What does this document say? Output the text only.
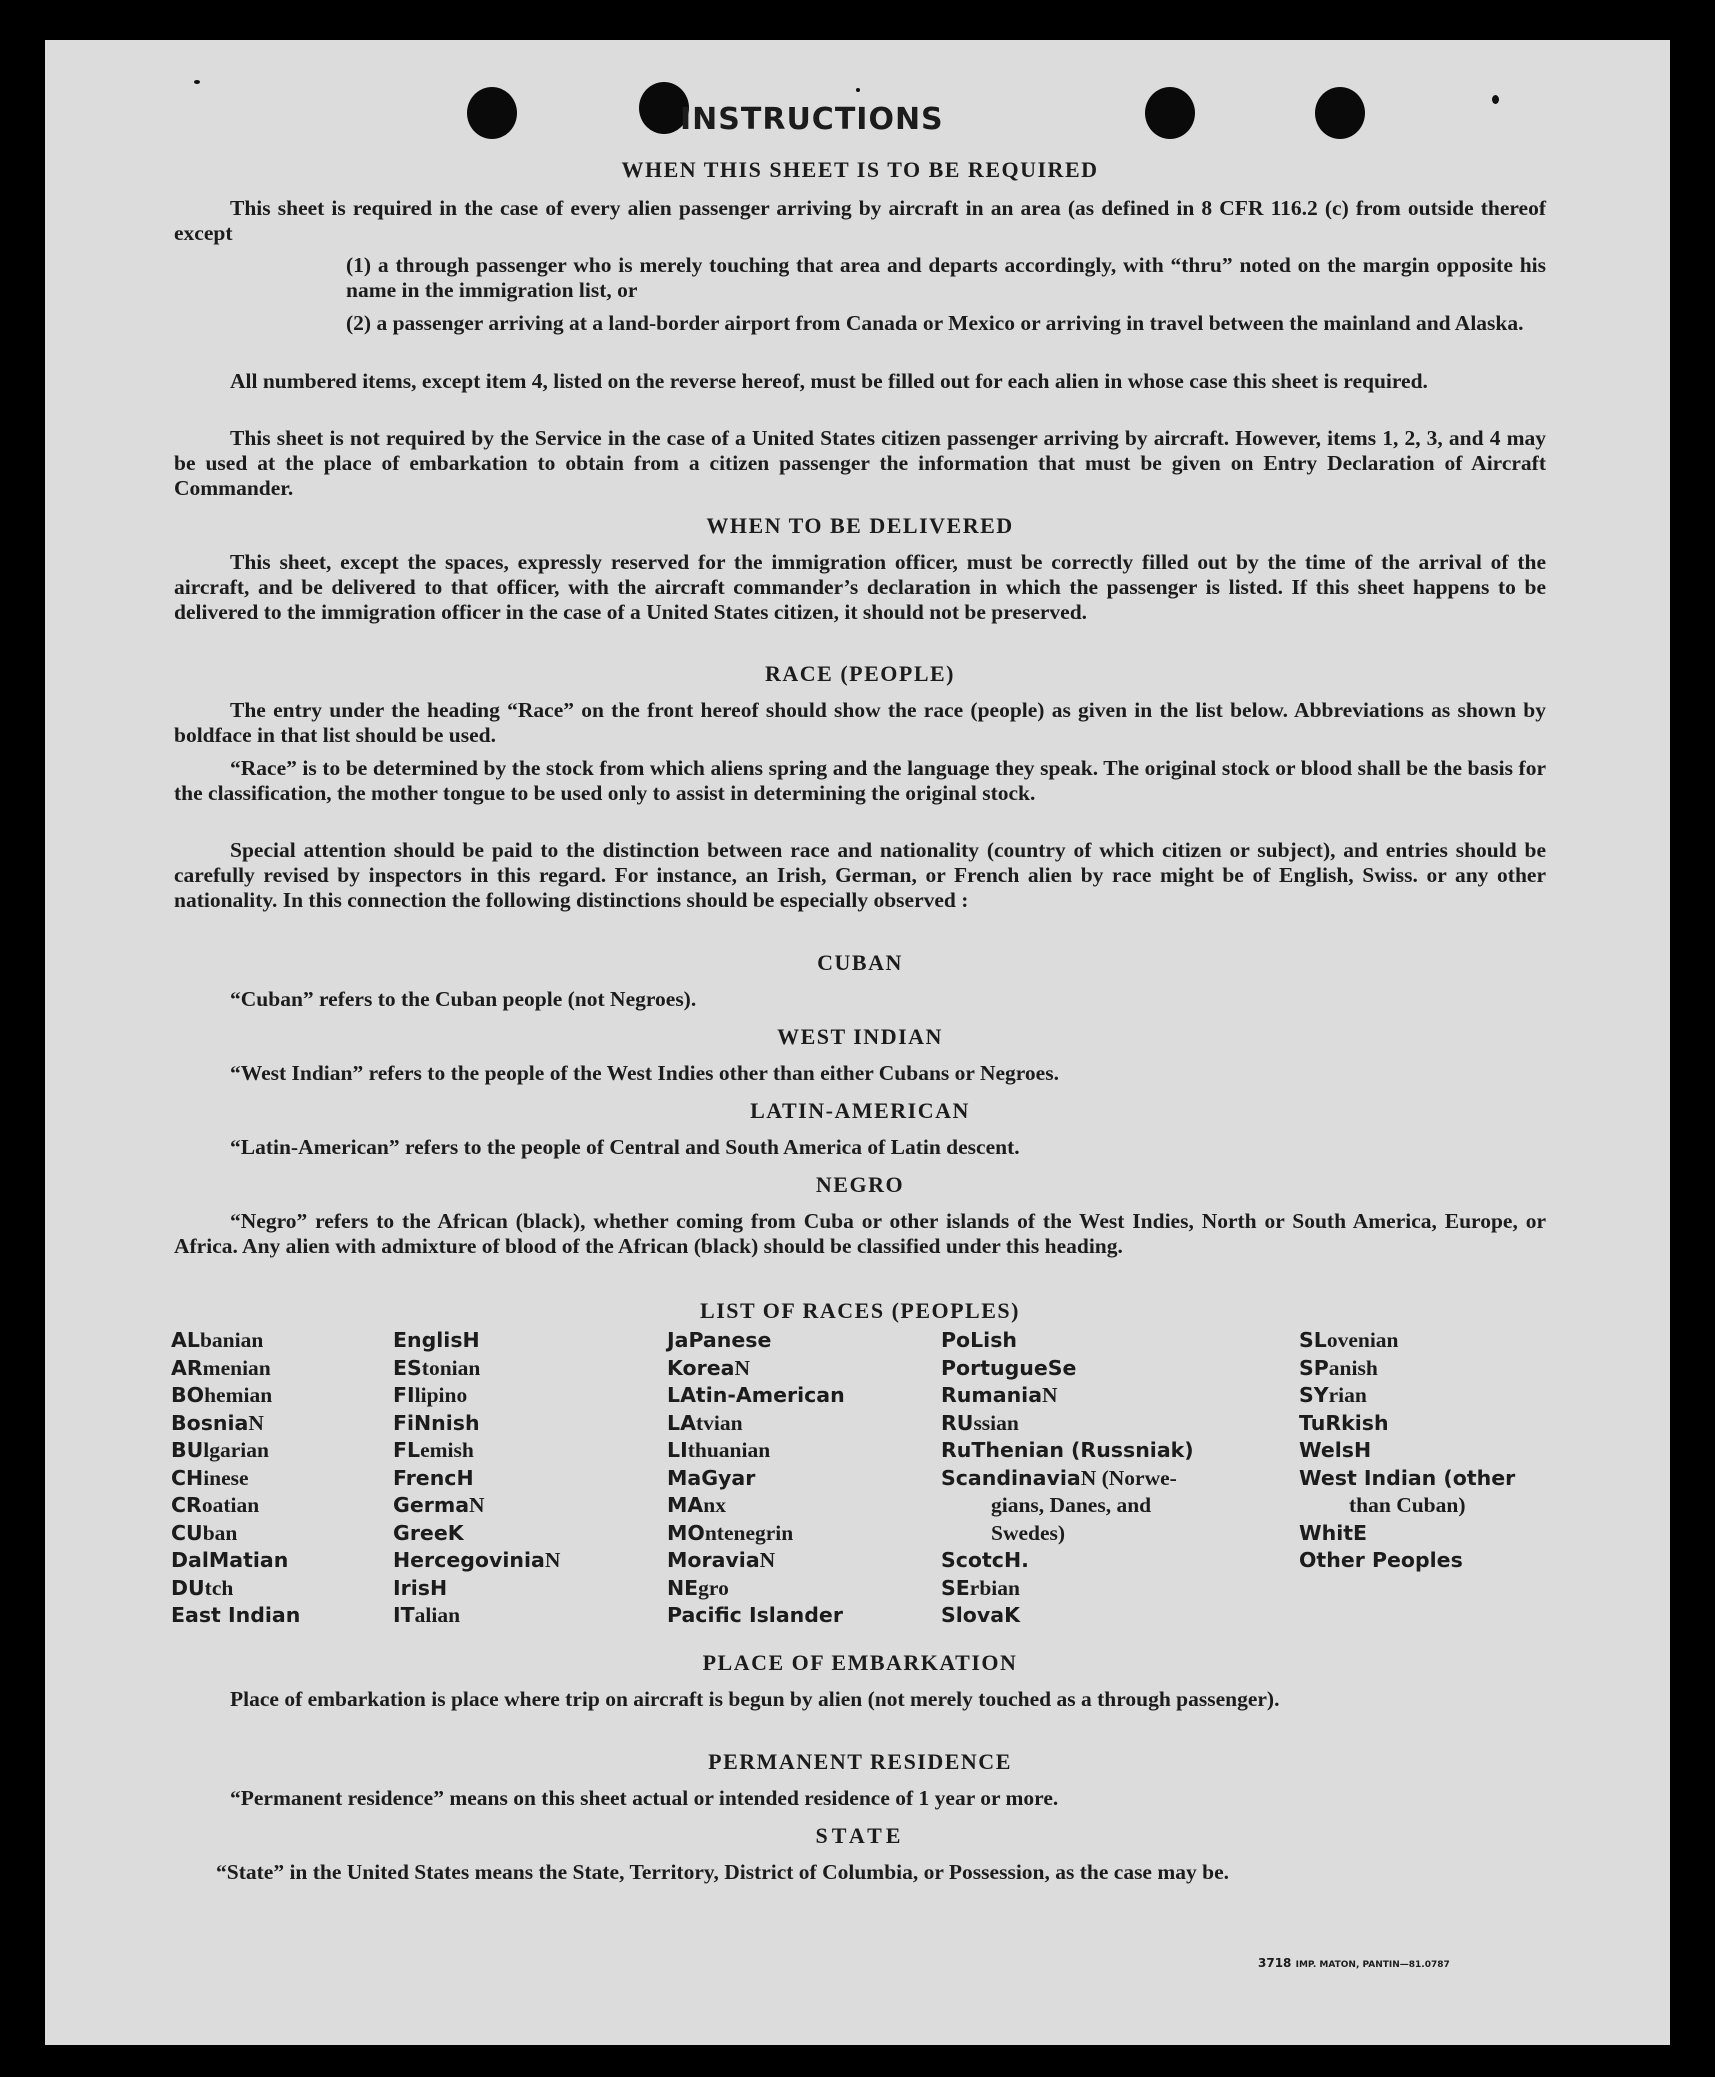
INSTRUCTIONS
WHEN THIS SHEET IS TO BE REQUIRED
This sheet is required in the case of every alien passenger arriving by aircraft in an area (as defined in 8 CFR 116.2 (c) from outside thereof except
(1) a through passenger who is merely touching that area and departs accordingly, with “thru” noted on the margin opposite his name in the immigration list, or
(2) a passenger arriving at a land-border airport from Canada or Mexico or arriving in travel between the mainland and Alaska.
All numbered items, except item 4, listed on the reverse hereof, must be filled out for each alien in whose case this sheet is required.
This sheet is not required by the Service in the case of a United States citizen passenger arriving by aircraft. However, items 1, 2, 3, and 4 may be used at the place of embarkation to obtain from a citizen passenger the information that must be given on Entry Declaration of Aircraft Commander.
WHEN TO BE DELIVERED
This sheet, except the spaces, expressly reserved for the immigration officer, must be correctly filled out by the time of the arrival of the aircraft, and be delivered to that officer, with the aircraft commander’s declaration in which the passenger is listed. If this sheet happens to be delivered to the immigration officer in the case of a United States citizen, it should not be preserved.
RACE (PEOPLE)
The entry under the heading “Race” on the front hereof should show the race (people) as given in the list below. Abbreviations as shown by boldface in that list should be used.
“Race” is to be determined by the stock from which aliens spring and the language they speak. The original stock or blood shall be the basis for the classification, the mother tongue to be used only to assist in determining the original stock.
Special attention should be paid to the distinction between race and nationality (country of which citizen or subject), and entries should be carefully revised by inspectors in this regard. For instance, an Irish, German, or French alien by race might be of English, Swiss. or any other nationality. In this connection the following distinctions should be especially observed :
CUBAN
“Cuban” refers to the Cuban people (not Negroes).
WEST INDIAN
“West Indian” refers to the people of the West Indies other than either Cubans or Negroes.
LATIN-AMERICAN
“Latin-American” refers to the people of Central and South America of Latin descent.
NEGRO
“Negro” refers to the African (black), whether coming from Cuba or other islands of the West Indies, North or South America, Europe, or Africa. Any alien with admixture of blood of the African (black) should be classified under this heading.
LIST OF RACES (PEOPLES)
ALbanian
ARmenian
BOhemian
BosniaN
BUlgarian
CHinese
CRoatian
CUban
DalMatian
DUtch
East Indian
EnglisH
EStonian
FIlipino
FiNnish
FLemish
FrencH
GermaN
GreeK
HercegoviniaN
IrisH
ITalian
JaPanese
KoreaN
LAtin-American
LAtvian
LIthuanian
MaGyar
MAnx
MOntenegrin
MoraviaN
NEgro
Pacific Islander
PoLish
PortugueSe
RumaniaN
RUssian
RuThenian (Russniak)
ScandinaviaN (Norwe-
gians, Danes, and
Swedes)
ScotcH.
SErbian
SlovaK
SLovenian
SPanish
SYrian
TuRkish
WelsH
West Indian (other
than Cuban)
WhitE
Other Peoples
PLACE OF EMBARKATION
Place of embarkation is place where trip on aircraft is begun by alien (not merely touched as a through passenger).
PERMANENT RESIDENCE
“Permanent residence” means on this sheet actual or intended residence of 1 year or more.
STATE
“State” in the United States means the State, Territory, District of Columbia, or Possession, as the case may be.
3718 IMP. MATON, PANTIN—81.0787
